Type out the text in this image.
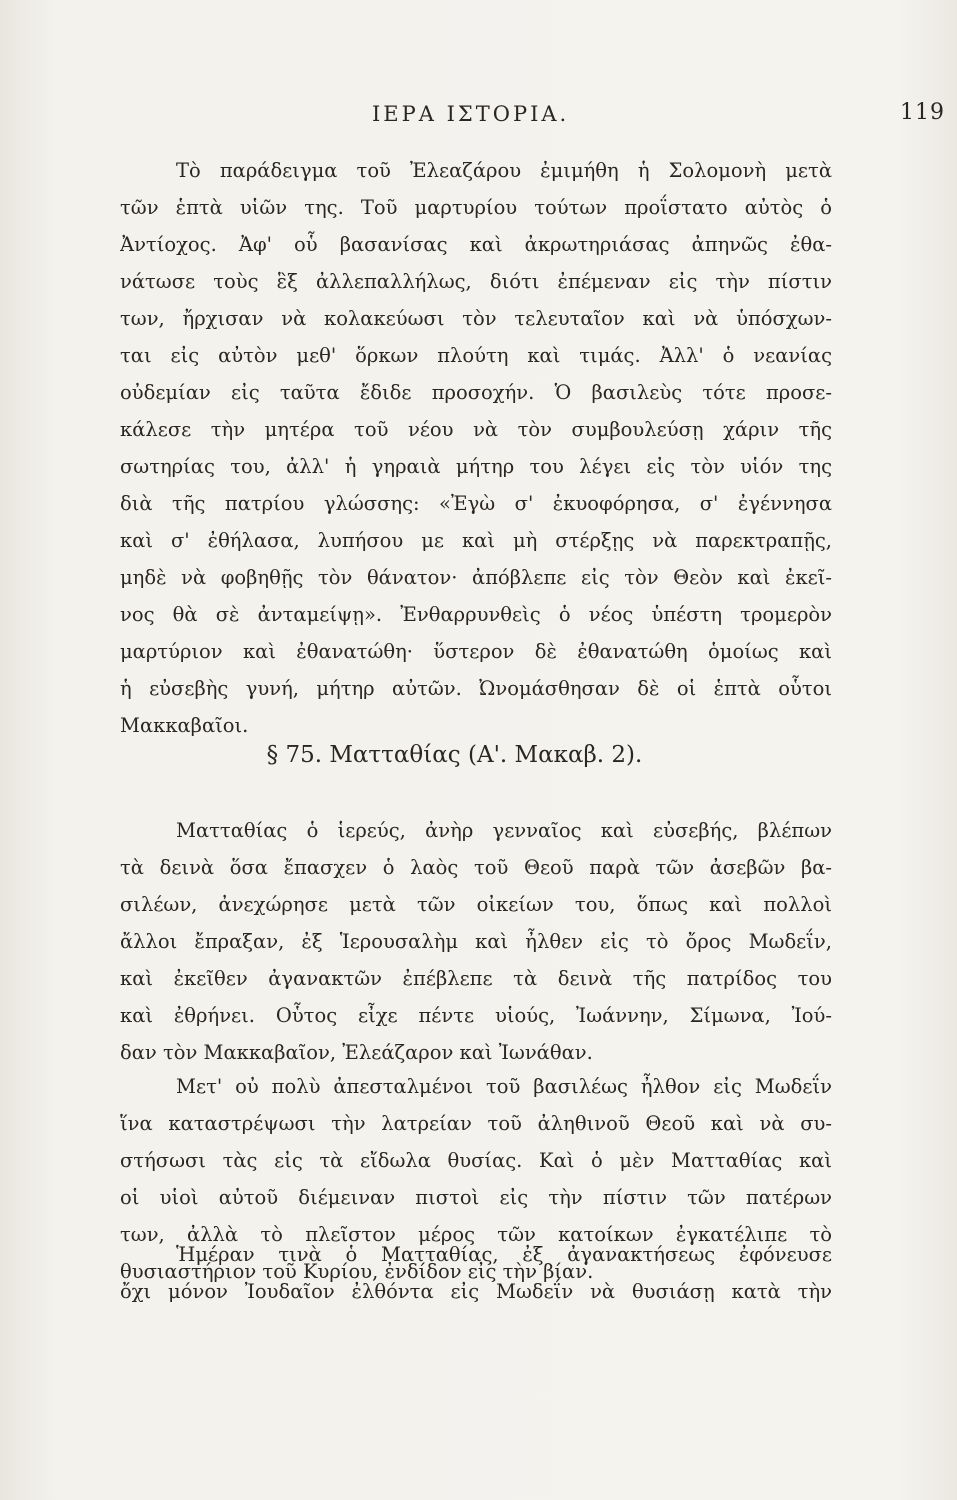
ΙΕΡΑ ΙΣΤΟΡΙΑ.	119
Τὸ παράδειγμα τοῦ Ἐλεαζάρου ἐμιμήθη ἡ Σολομονὴ μετὰ
τῶν ἑπτὰ υἱῶν της. Τοῦ μαρτυρίου τούτων προΐστατο αὐτὸς ὁ
Ἀντίοχος. Ἀφ' οὗ βασανίσας καὶ ἀκρωτηριάσας ἀπηνῶς ἐθα-
νάτωσε τοὺς ἓξ ἀλλεπαλλήλως, διότι ἐπέμεναν εἰς τὴν πίστιν
των, ἤρχισαν νὰ κολακεύωσι τὸν τελευταῖον καὶ νὰ ὑπόσχων-
ται εἰς αὐτὸν μεθ' ὅρκων πλούτη καὶ τιμάς. Ἀλλ' ὁ νεανίας
οὐδεμίαν εἰς ταῦτα ἔδιδε προσοχήν. Ὁ βασιλεὺς τότε προσε-
κάλεσε τὴν μητέρα τοῦ νέου νὰ τὸν συμβουλεύσῃ χάριν τῆς
σωτηρίας του, ἀλλ' ἡ γηραιὰ μήτηρ του λέγει εἰς τὸν υἱόν της
διὰ τῆς πατρίου γλώσσης: «Ἐγὼ σ' ἐκυοφόρησα, σ' ἐγέννησα
καὶ σ' ἐθήλασα, λυπήσου με καὶ μὴ στέρξῃς νὰ παρεκτραπῇς,
μηδὲ νὰ φοβηθῇς τὸν θάνατον· ἀπόβλεπε εἰς τὸν Θεὸν καὶ ἐκεῖ-
νος θὰ σὲ ἀνταμείψῃ». Ἐνθαρρυνθεὶς ὁ νέος ὑπέστη τρομερὸν
μαρτύριον καὶ ἐθανατώθη· ὕστερον δὲ ἐθανατώθη ὁμοίως καὶ
ἡ εὐσεβὴς γυνή, μήτηρ αὐτῶν. Ὠνομάσθησαν δὲ οἱ ἑπτὰ οὗτοι
Μακκαβαῖοι.
§ 75. Ματταθίας (Α'. Μακαβ. 2).
Ματταθίας ὁ ἱερεύς, ἀνὴρ γενναῖος καὶ εὐσεβής, βλέπων
τὰ δεινὰ ὅσα ἔπασχεν ὁ λαὸς τοῦ Θεοῦ παρὰ τῶν ἀσεβῶν βα-
σιλέων, ἀνεχώρησε μετὰ τῶν οἰκείων του, ὅπως καὶ πολλοὶ
ἄλλοι ἔπραξαν, ἐξ Ἱερουσαλὴμ καὶ ἦλθεν εἰς τὸ ὄρος Μωδεΐν,
καὶ ἐκεῖθεν ἀγανακτῶν ἐπέβλεπε τὰ δεινὰ τῆς πατρίδος του
καὶ ἐθρήνει. Οὗτος εἶχε πέντε υἱούς, Ἰωάννην, Σίμωνα, Ἰού-
δαν τὸν Μακκαβαῖον, Ἐλεάζαρον καὶ Ἰωνάθαν.
Μετ' οὐ πολὺ ἀπεσταλμένοι τοῦ βασιλέως ἦλθον εἰς Μωδεΐν
ἵνα καταστρέψωσι τὴν λατρείαν τοῦ ἀληθινοῦ Θεοῦ καὶ νὰ συ-
στήσωσι τὰς εἰς τὰ εἴδωλα θυσίας. Καὶ ὁ μὲν Ματταθίας καὶ
οἱ υἱοὶ αὐτοῦ διέμειναν πιστοὶ εἰς τὴν πίστιν τῶν πατέρων
των, ἀλλὰ τὸ πλεῖστον μέρος τῶν κατοίκων ἐγκατέλιπε τὸ
θυσιαστήριον τοῦ Κυρίου, ἐνδίδον εἰς τὴν βίαν.
Ἡμέραν τινὰ ὁ Ματταθίας, ἐξ ἀγανακτήσεως ἐφόνευσε
ὄχι μόνον Ἰουδαῖον ἐλθόντα εἰς Μωδεΐν νὰ θυσιάσῃ κατὰ τὴν
